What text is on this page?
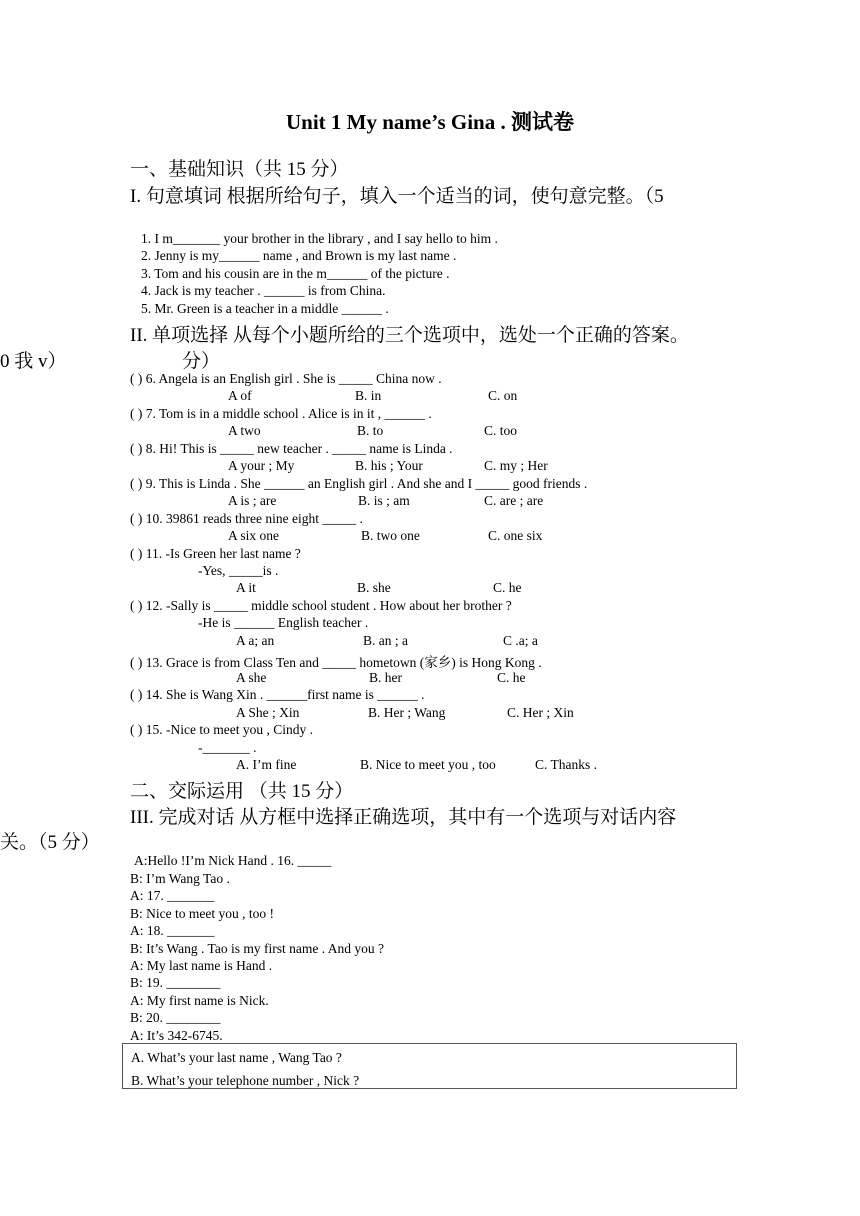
Unit 1 My name’s Gina . 测试卷
一、基础知识（共 15 分）
I. 句意填词 根据所给句子，填入一个适当的词，使句意完整。（5
1. I m_______ your brother in the library , and I say hello to him .
2. Jenny is my______ name , and Brown is my last name .
3. Tom and his cousin are in the m______ of the picture .
4. Jack is my teacher . ______ is from China.
5. Mr. Green is a teacher in a middle ______ .
II. 单项选择 从每个小题所给的三个选项中，选处一个正确的答案。
0 我 v）	分）
( ) 6. Angela is an English girl . She is _____ China now .
A of	B. in	C. on
( ) 7. Tom is in a middle school . Alice is in it , ______ .
A two	B. to	C. too
( ) 8. Hi! This is _____ new teacher . _____ name is Linda .
A your ; My	B. his ; Your	C. my ; Her
( ) 9. This is Linda . She ______ an English girl . And she and I _____ good friends .
A is ; are	B. is ; am	C. are ; are
( ) 10. 39861 reads three nine eight _____ .
A six one	B. two one	C. one six
( ) 11. -Is Green her last name ?
-Yes, _____is .
A it	B. she	C. he
( ) 12. -Sally is _____ middle school student . How about her brother ?
-He is ______ English teacher .
A a; an	B. an ; a	C .a; a
( ) 13. Grace is from Class Ten and _____ hometown (家乡) is Hong Kong .
A she	B. her	C. he
( ) 14. She is Wang Xin . ______first name is ______ .
A She ; Xin	B. Her ; Wang	C. Her ; Xin
( ) 15. -Nice to meet you , Cindy .
-_______ .
A. I’m fine	B. Nice to meet you , too	C. Thanks .
二、交际运用 （共 15 分）
III. 完成对话 从方框中选择正确选项，其中有一个选项与对话内容
关。（5 分）
A:Hello !I’m Nick Hand . 16. _____
B: I’m Wang Tao .
A: 17. _______
B: Nice to meet you , too !
A: 18. _______
B: It’s Wang . Tao is my first name . And you ?
A: My last name is Hand .
B: 19. ________
A: My first name is Nick.
B: 20. ________
A: It’s 342-6745.
A. What’s your last name , Wang Tao ?
B. What’s your telephone number , Nick ?
